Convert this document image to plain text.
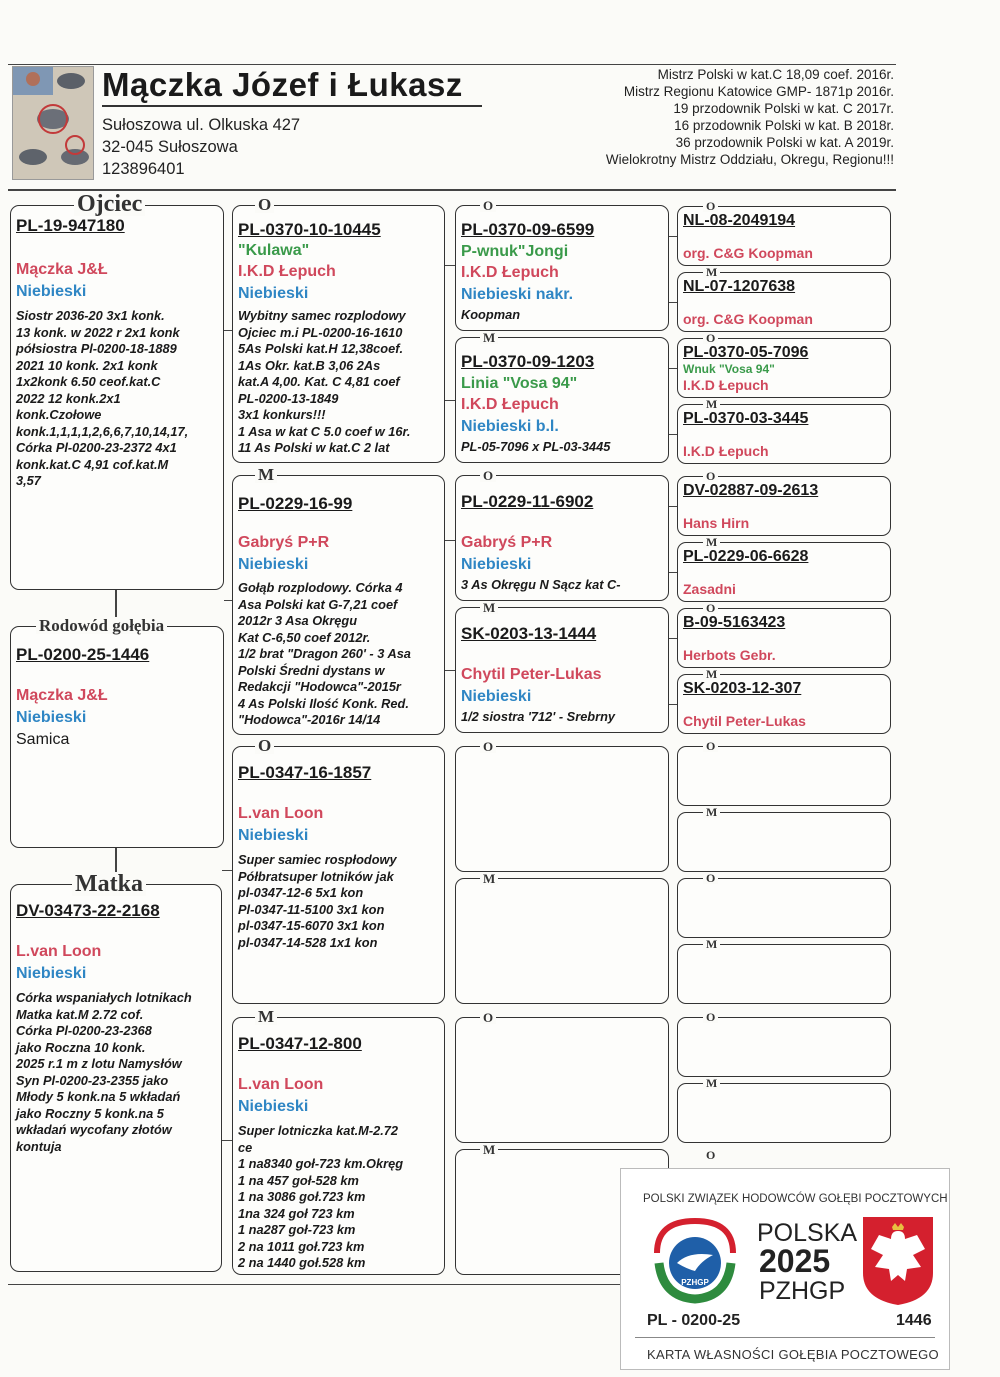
Mączka Józef i Łukasz
Sułoszowa ul. Olkuska 427
32-045 Sułoszowa
123896401
Mistrz Polski w kat.C 18,09 coef. 2016r.
Mistrz Regionu Katowice GMP- 1871p 2016r.
19 przodownik Polski w kat. C 2017r.
16 przodownik Polski w kat. B 2018r.
36 przodownik Polski w kat. A 2019r.
Wielokrotny Mistrz Oddziału, Okregu, Regionu!!!
PL-19-947180
Mączka J&Ł
Niebieski
Siostr 2036-20 3x1 konk.
13 konk. w 2022 r 2x1 konk
półsiostra Pl-0200-18-1889
2021 10 konk. 2x1 konk
1x2konk 6.50 ceof.kat.C
2022 12 konk.2x1
konk.Czołowe
konk.1,1,1,1,2,6,6,7,10,14,17,
Córka Pl-0200-23-2372 4x1
konk.kat.C 4,91 cof.kat.M
3,57
Ojciec
PL-0200-25-1446
Mączka J&Ł
Niebieski
Samica
Rodowód gołębia
DV-03473-22-2168
L.van Loon
Niebieski
Córka wspaniałych lotnikach
Matka kat.M 2.72 cof.
Córka Pl-0200-23-2368
jako Roczna 10 konk.
2025 r.1 m z lotu Namysłów
Syn Pl-0200-23-2355 jako
Młody 5 konk.na 5 wkładań
jako Roczny 5 konk.na 5
wkładań wycofany złotów
kontuja
Matka
PL-0370-10-10445
"Kulawa"
I.K.D Łepuch
Niebieski
Wybitny samec rozplodowy
Ojciec m.i PL-0200-16-1610
5As Polski kat.H 12,38coef.
1As Okr. kat.B 3,06 2As
kat.A 4,00. Kat. C 4,81 coef
PL-0200-13-1849
3x1 konkurs!!!
1 Asa w kat C 5.0 coef w 16r.
11 As Polski w kat.C 2 lat
O
PL-0229-16-99
Gabryś P+R
Niebieski
Gołąb rozplodowy. Córka 4
Asa Polski kat G-7,21 coef
2012r 3 Asa Okręgu
Kat C-6,50 coef 2012r.
1/2 brat "Dragon 260' - 3 Asa
Polski Średni dystans w
Redakcji "Hodowca"-2015r
4 As Polski Ilość Konk. Red.
"Hodowca"-2016r 14/14
M
PL-0347-16-1857
L.van Loon
Niebieski
Super samiec rospłodowy
Półbratsuper lotników jak
pl-0347-12-6 5x1 kon
Pl-0347-11-5100 3x1 kon
pl-0347-15-6070 3x1 kon
pl-0347-14-528 1x1 kon
O
PL-0347-12-800
L.van Loon
Niebieski
Super lotniczka kat.M-2.72
ce
1 na8340 goł-723 km.Okręg
1 na 457 goł-528 km
1 na 3086 goł.723 km
1na 324 goł 723 km
1 na287 goł-723 km
2 na 1011 goł.723 km
2 na 1440 goł.528 km
M
PL-0370-09-6599
P-wnuk"Jongi
I.K.D Łepuch
Niebieski nakr.
Koopman
O
PL-0370-09-1203
Linia "Vosa 94"
I.K.D Łepuch
Niebieski b.l.
PL-05-7096 x PL-03-3445
M
PL-0229-11-6902
Gabryś P+R
Niebieski
3 As Okręgu N Sącz kat C-
O
SK-0203-13-1444
Chytil Peter-Lukas
Niebieski
1/2 siostra '712' - Srebrny
M
O
M
O
M
NL-08-2049194
org. C&G Koopman
O
NL-07-1207638
org. C&G Koopman
M
PL-0370-05-7096
Wnuk "Vosa 94"
I.K.D Łepuch
O
PL-0370-03-3445
I.K.D Łepuch
M
DV-02887-09-2613
Hans Hirn
O
PL-0229-06-6628
Zasadni
M
B-09-5163423
Herbots Gebr.
O
SK-0203-12-307
Chytil Peter-Lukas
M
O
M
O
M
O
M
O
POLSKI ZWIĄZEK HODOWCÓW GOŁĘBI POCZTOWYCH
PZHGP
POLSKA
2025
PZHGP
PL - 0200-25	1446
KARTA WŁASNOŚCI GOŁĘBIA POCZTOWEGO
